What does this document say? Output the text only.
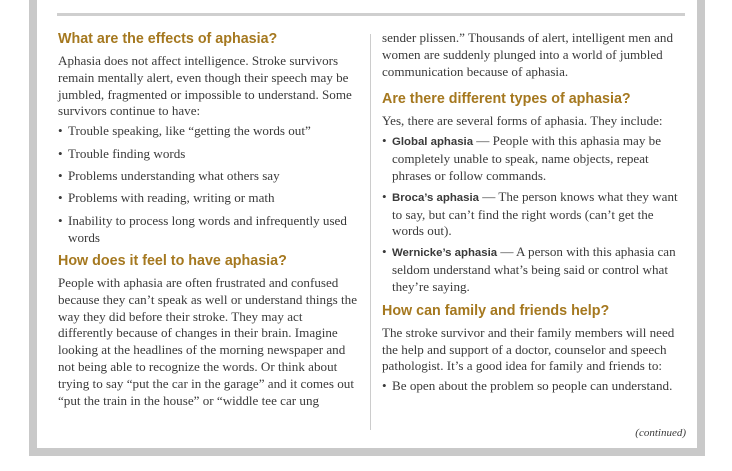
What are the effects of aphasia?

Aphasia does not affect intelligence. Stroke survivors remain mentally alert, even though their speech may be jumbled, fragmented or impossible to understand. Some survivors continue to have:

• Trouble speaking, like “getting the words out”
• Trouble finding words
• Problems understanding what others say
• Problems with reading, writing or math
• Inability to process long words and infrequently used words
How does it feel to have aphasia?

People with aphasia are often frustrated and confused because they can’t speak as well or understand things the way they did before their stroke. They may act differently because of changes in their brain. Imagine looking at the headlines of the morning newspaper and not being able to recognize the words. Or think about trying to say “put the car in the garage” and it comes out “put the train in the house” or “widdle tee car ung

sender plissen.” Thousands of alert, intelligent men and women are suddenly plunged into a world of jumbled communication because of aphasia.

Are there different types of aphasia?

Yes, there are several forms of aphasia. They include:

• Global aphasia — People with this aphasia may be completely unable to speak, name objects, repeat phrases or follow commands.
• Broca’s aphasia — The person knows what they want to say, but can’t find the right words (can’t get the words out).
• Wernicke’s aphasia — A person with this aphasia can seldom understand what’s being said or control what they’re saying.
How can family and friends help?

The stroke survivor and their family members will need the help and support of a doctor, counselor and speech pathologist. It’s a good idea for family and friends to:

• Be open about the problem so people can understand.
(continued)
